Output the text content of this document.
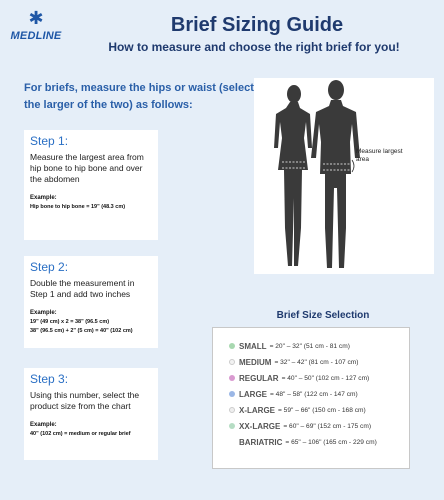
✱
MEDLINE	Brief Sizing Guide
How to measure and choose the right brief for you!
For briefs, measure the hips or waist (select the larger of the two) as follows:
Step 1:
Measure the largest area from hip bone to hip bone and over the abdomen
Example:
Hip bone to hip bone = 19" (48.3 cm)
Step 2:
Double the measurement in Step 1 and add two inches
Example:
19" (49 cm) x 2 = 38" (96.5 cm)
38" (96.5 cm) + 2" (5 cm) = 40" (102 cm)
Step 3:
Using this number, select the product size from the chart
Example:
40" (102 cm) = medium or regular brief
Measure largest area
Brief Size Selection
SMALL = 20" – 32" (51 cm - 81 cm)
MEDIUM = 32" – 42" (81 cm - 107 cm)
REGULAR = 40" – 50" (102 cm - 127 cm)
LARGE = 48" – 58" (122 cm - 147 cm)
X-LARGE = 59" – 66" (150 cm - 168 cm)
XX-LARGE = 60" – 69" (152 cm - 175 cm)
BARIATRIC = 65" – 106" (165 cm - 229 cm)
